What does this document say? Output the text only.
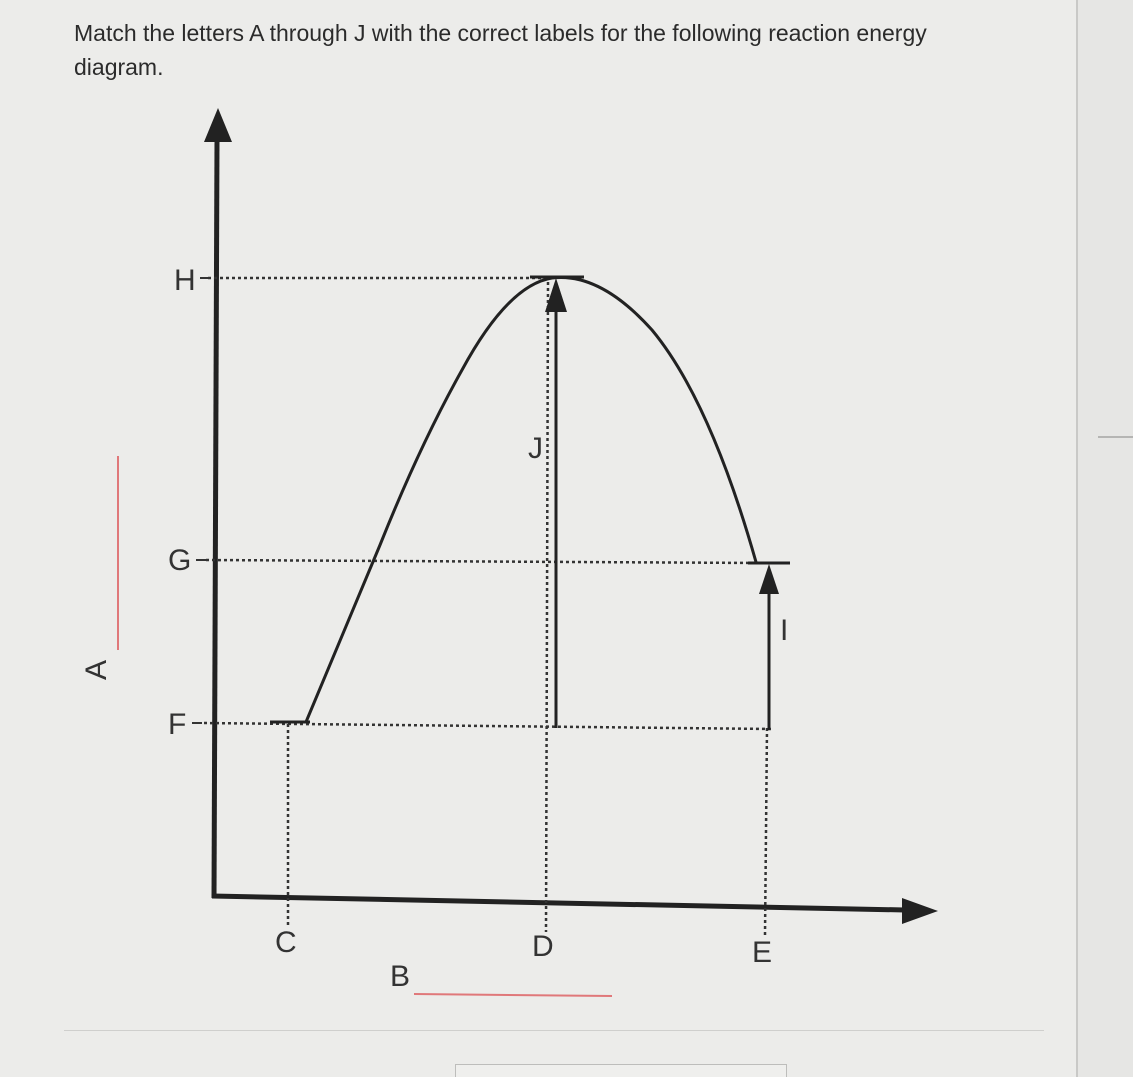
Match the letters A through J with the correct labels for the following reaction energy diagram.

H
G
F
J
I
C	D	E
B
A
